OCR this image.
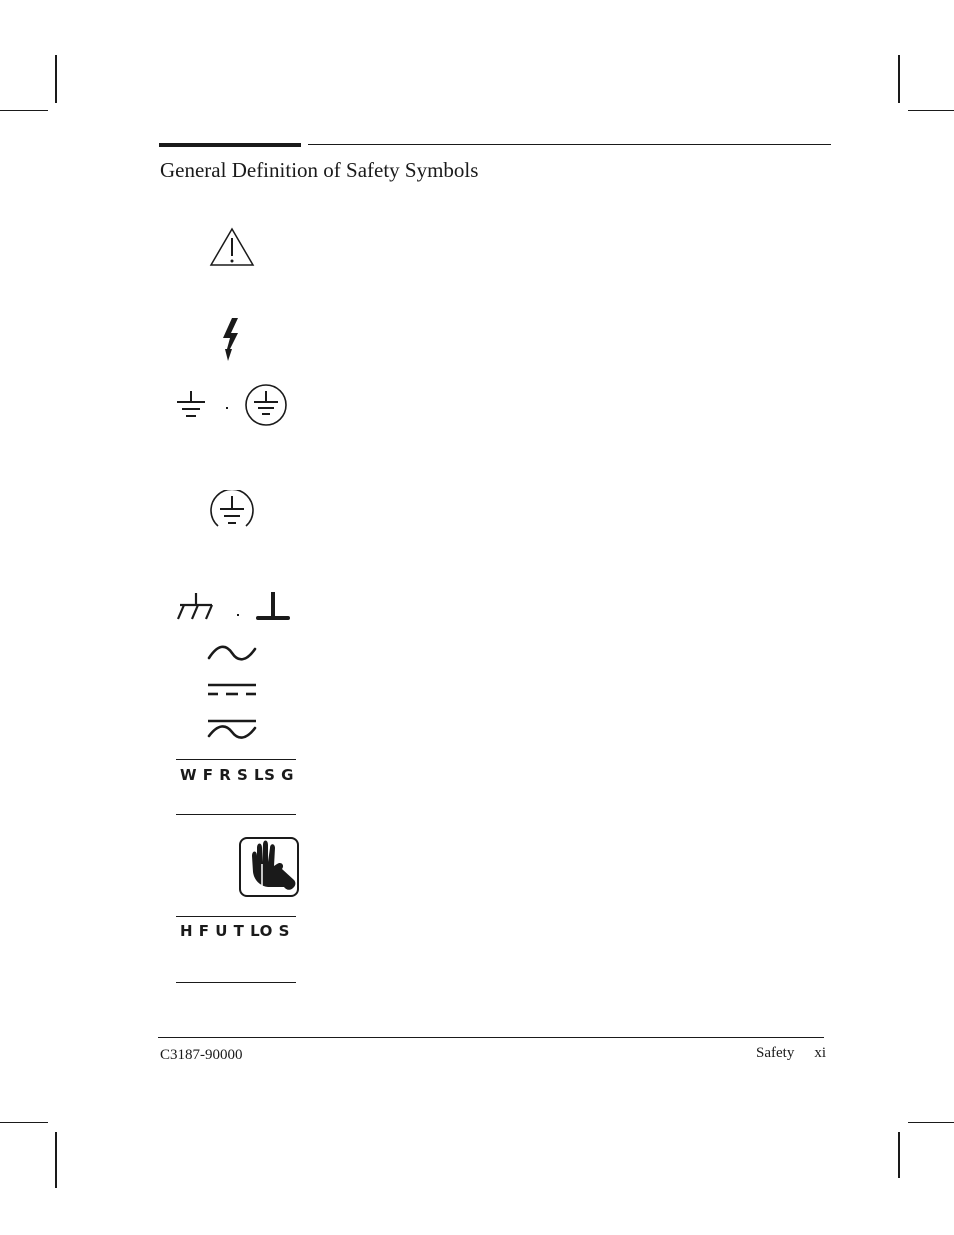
General Definition of Safety Symbols
W F R S LS G
H F U T LO S
C3187-90000	Safety xi
